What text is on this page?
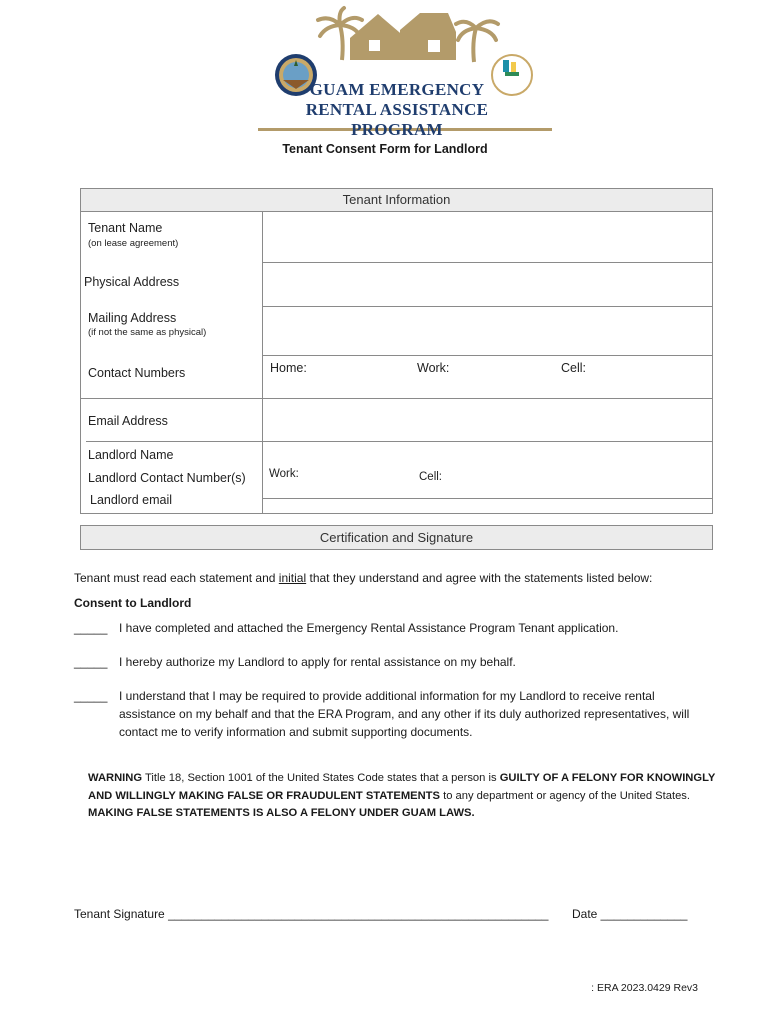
GUAM EMERGENCY
RENTAL ASSISTANCE PROGRAM
Tenant Consent Form for Landlord
Tenant Information
Tenant Name
(on lease agreement)
Physical Address
Mailing Address
(if not the same as physical)
Contact Numbers	Home:	Work:	Cell:
Email Address
Landlord Name
Landlord Contact Number(s) Work:	Cell:
Landlord email
Certification and Signature
Tenant must read each statement and initial that they understand and agree with the statements listed below:
Consent to Landlord
_____ I have completed and attached the Emergency Rental Assistance Program Tenant application.
_____ I hereby authorize my Landlord to apply for rental assistance on my behalf.
_____ I understand that I may be required to provide additional information for my Landlord to receive rental
assistance on my behalf and that the ERA Program, and any other if its duly authorized representatives, will
contact me to verify information and submit supporting documents.
WARNING Title 18, Section 1001 of the United States Code states that a person is GUILTY OF A FELONY FOR KNOWINGLY AND WILLINGLY MAKING FALSE OR FRAUDULENT STATEMENTS to any department or agency of the United States. MAKING FALSE STATEMENTS IS ALSO A FELONY UNDER GUAM LAWS.
Tenant Signature _________________________________________________________ Date _____________
: ERA 2023.0429 Rev3
